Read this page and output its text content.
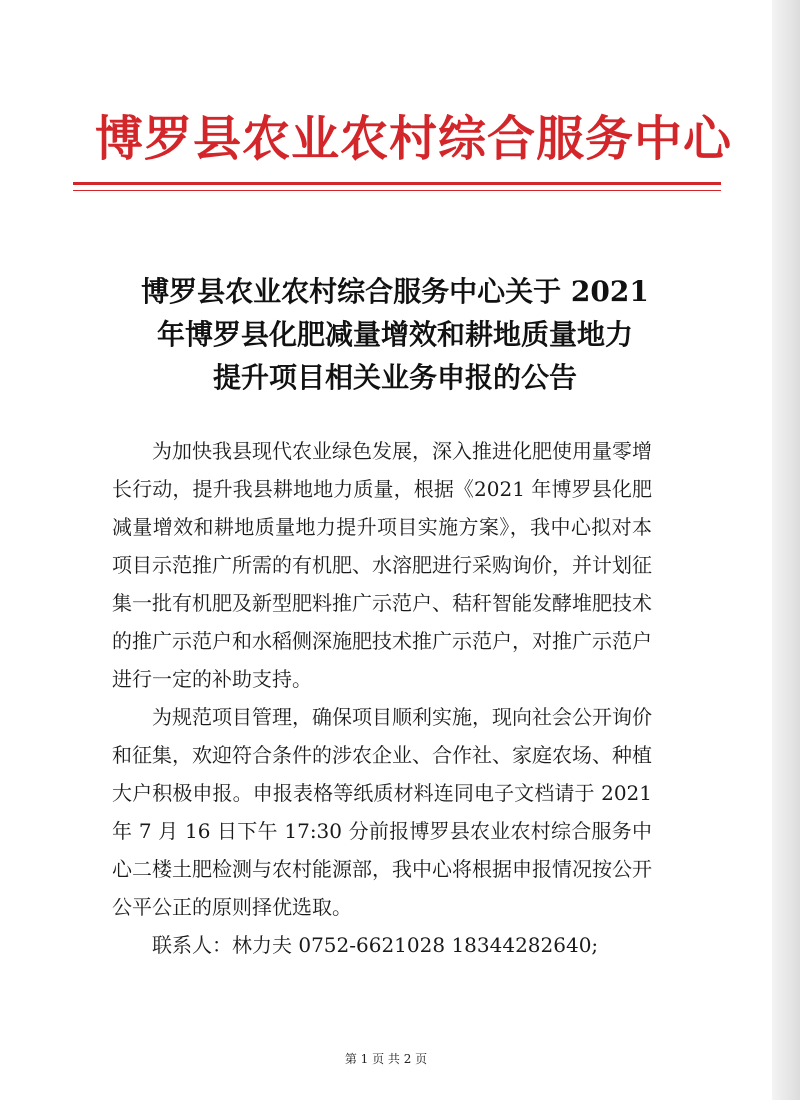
博罗县农业农村综合服务中心
博罗县农业农村综合服务中心关于 2021
年博罗县化肥减量增效和耕地质量地力
提升项目相关业务申报的公告

为加快我县现代农业绿色发展，深入推进化肥使用量零增长行动，提升我县耕地地力质量，根据《2021 年博罗县化肥减量增效和耕地质量地力提升项目实施方案》，我中心拟对本项目示范推广所需的有机肥、水溶肥进行采购询价，并计划征集一批有机肥及新型肥料推广示范户、秸秆智能发酵堆肥技术的推广示范户和水稻侧深施肥技术推广示范户，对推广示范户进行一定的补助支持。

为规范项目管理，确保项目顺利实施，现向社会公开询价和征集，欢迎符合条件的涉农企业、合作社、家庭农场、种植大户积极申报。申报表格等纸质材料连同电子文档请于 2021 年 7 月 16 日下午 17:30 分前报博罗县农业农村综合服务中心二楼土肥检测与农村能源部，我中心将根据申报情况按公开公平公正的原则择优选取。

联系人：林力夫 0752-6621028 18344282640;

第 1 页 共 2 页
